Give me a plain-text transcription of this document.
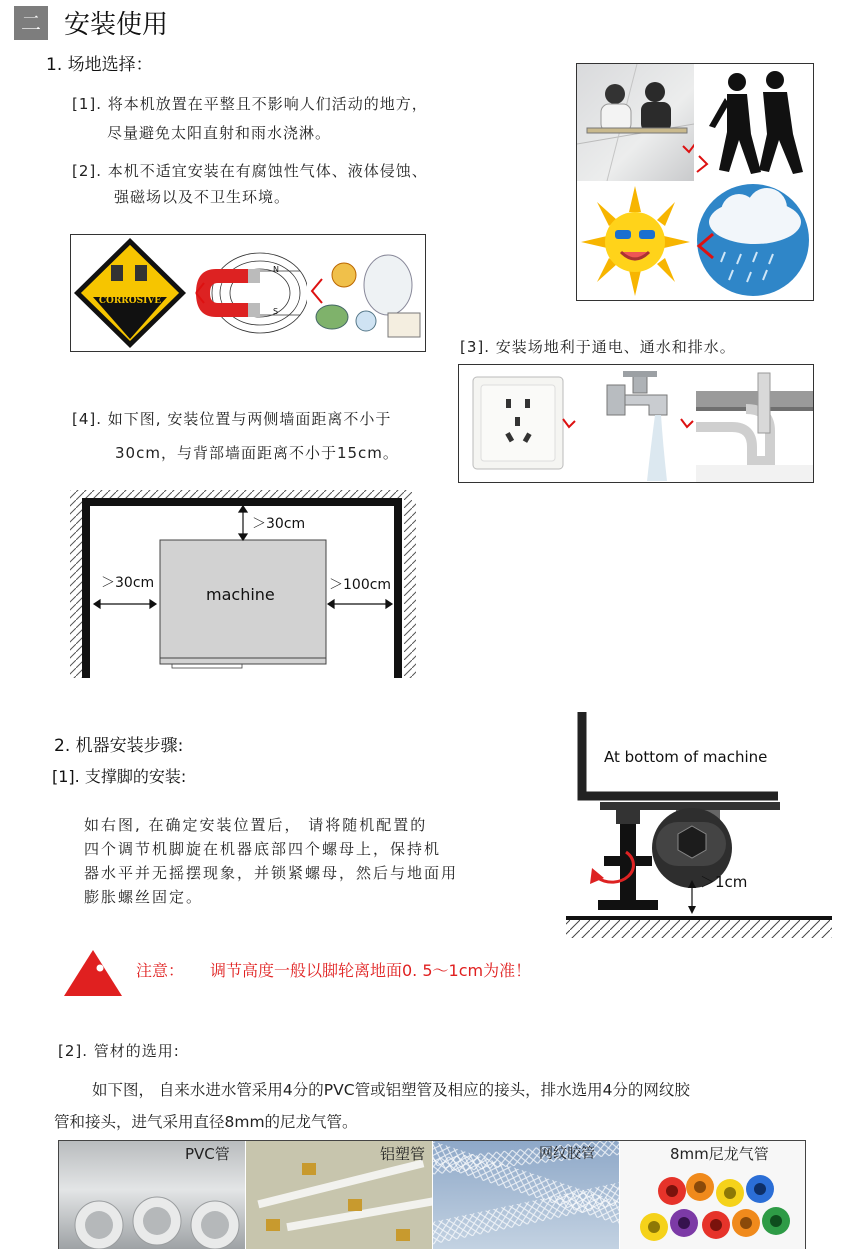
二 安装使用
1. 场地选择：
[1]. 将本机放置在平整且不影响人们活动的地方，
尽量避免太阳直射和雨水浇淋。
[2]. 本机不适宜安装在有腐蚀性气体、液体侵蚀、
强磁场以及不卫生环境。
CORROSIVE
N
S
[3]. 安装场地利于通电、通水和排水。
[4]. 如下图, 安装位置与两侧墙面距离不小于
30cm，与背部墙面距离不小于15cm。
＞30cm
＞30cm	＞100cm
machine
2. 机器安装步骤:
[1]. 支撑脚的安装:
如右图, 在确定安装位置后， 请将随机配置的
四个调节机脚旋在机器底部四个螺母上，保持机
器水平并无摇摆现象，并锁紧螺母，然后与地面用
膨胀螺丝固定。
At bottom of machine
＞1cm
注意： 调节高度一般以脚轮离地面0. 5～1cm为准！
[2]. 管材的选用:
如下图， 自来水进水管采用4分的PVC管或铝塑管及相应的接头，排水选用4分的网纹胶
管和接头，进气采用直径8mm的尼龙气管。
PVC管	铝塑管	网纹胶管	8mm尼龙气管
